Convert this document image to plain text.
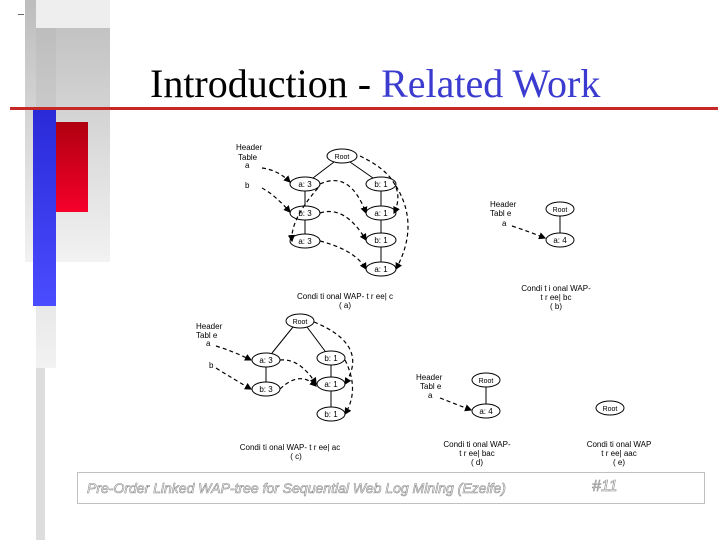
Introduction - Related Work
Header
Table
a
b
Root
a: 3	b: 1
b: 3	a: 1
a: 3	b: 1
a: 1
Condi ti onal WAP- t r ee| c
( a)
Header
Tabl e
a
Root
a: 4
Condi t i onal WAP-
t r ee| bc
( b)
Header
Tabl e
a
b
Root
a: 3	b: 1
b: 3
a: 1
b: 1
Condi ti onal WAP- t r ee| ac
( c)
Header
Tabl e
a
Root
a: 4
Condi ti onal WAP-
t r ee| bac
( d)
Root
Condi ti onal WAP
t r ee| aac
( e)
Pre-Order Linked WAP-tree for Sequential Web Log Mining (Ezeife)	#11
